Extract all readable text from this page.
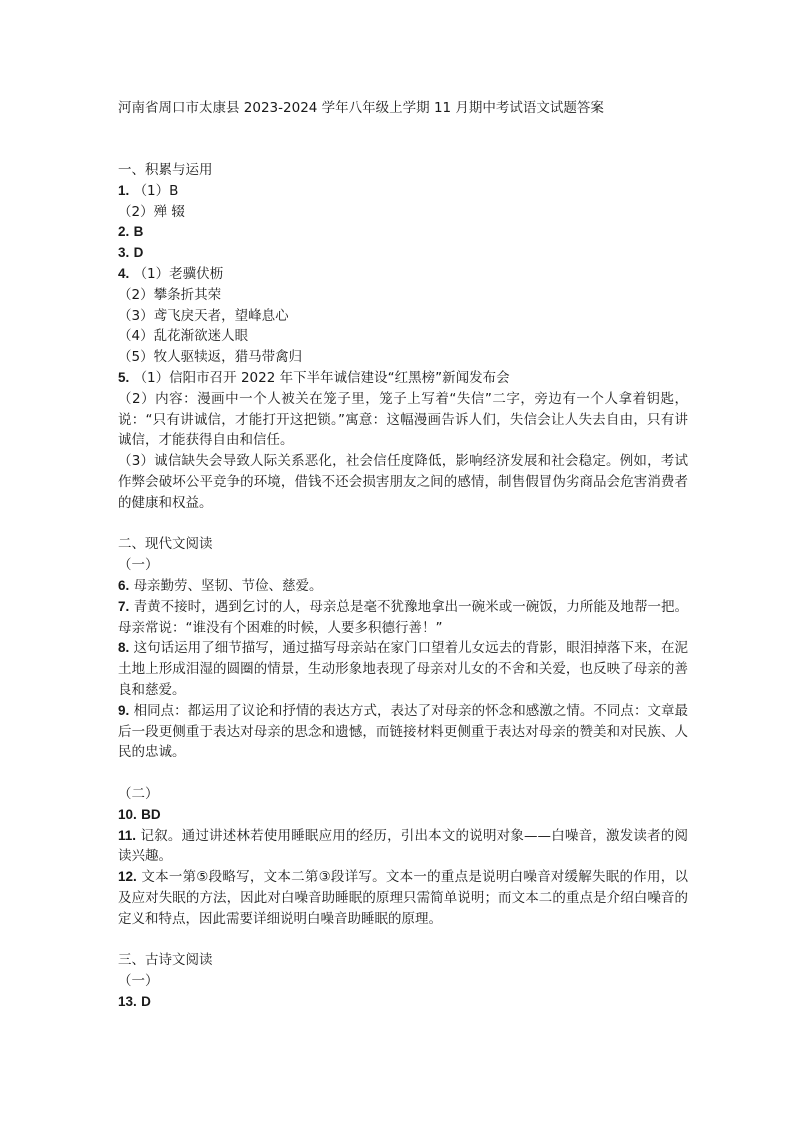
河南省周口市太康县 2023-2024 学年八年级上学期 11 月期中考试语文试题答案
一、积累与运用
1. （1）B
（2）殚 辍
2. B
3. D
4. （1）老骥伏枥
（2）攀条折其荣
（3）鸢飞戾天者，望峰息心
（4）乱花渐欲迷人眼
（5）牧人驱犊返，猎马带禽归
5. （1）信阳市召开 2022 年下半年诚信建设“红黑榜”新闻发布会
（2）内容：漫画中一个人被关在笼子里，笼子上写着“失信”二字，旁边有一个人拿着钥匙，说：“只有讲诚信，才能打开这把锁。”寓意：这幅漫画告诉人们，失信会让人失去自由，只有讲诚信，才能获得自由和信任。
（3）诚信缺失会导致人际关系恶化，社会信任度降低，影响经济发展和社会稳定。例如，考试作弊会破坏公平竞争的环境，借钱不还会损害朋友之间的感情，制售假冒伪劣商品会危害消费者的健康和权益。
二、现代文阅读
（一）
6. 母亲勤劳、坚韧、节俭、慈爱。
7. 青黄不接时，遇到乞讨的人，母亲总是毫不犹豫地拿出一碗米或一碗饭，力所能及地帮一把。母亲常说：“谁没有个困难的时候，人要多积德行善！”
8. 这句话运用了细节描写，通过描写母亲站在家门口望着儿女远去的背影，眼泪掉落下来，在泥土地上形成泪湿的圆圈的情景，生动形象地表现了母亲对儿女的不舍和关爱，也反映了母亲的善良和慈爱。
9. 相同点：都运用了议论和抒情的表达方式，表达了对母亲的怀念和感激之情。不同点：文章最后一段更侧重于表达对母亲的思念和遗憾，而链接材料更侧重于表达对母亲的赞美和对民族、人民的忠诚。
（二）
10. BD
11. 记叙。通过讲述林若使用睡眠应用的经历，引出本文的说明对象——白噪音，激发读者的阅读兴趣。
12. 文本一第⑤段略写，文本二第③段详写。文本一的重点是说明白噪音对缓解失眠的作用，以及应对失眠的方法，因此对白噪音助睡眠的原理只需简单说明；而文本二的重点是介绍白噪音的定义和特点，因此需要详细说明白噪音助睡眠的原理。
三、古诗文阅读
（一）
13. D
